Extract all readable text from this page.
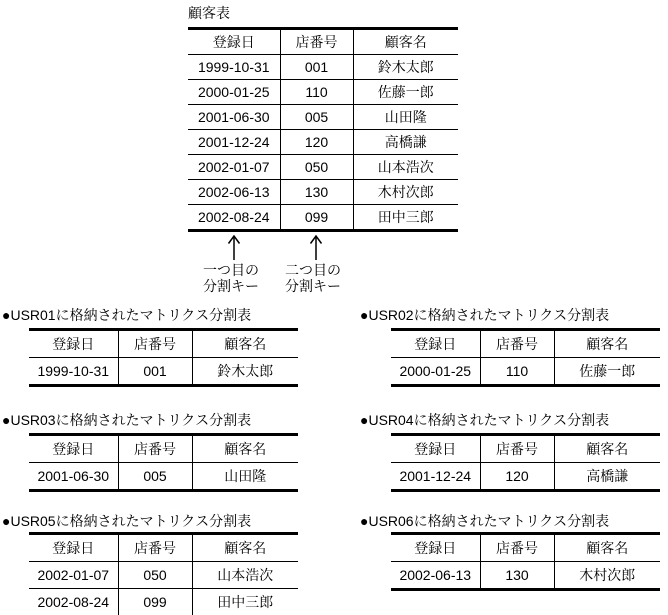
顧客表
登録日	店番号	顧客名
1999-10-31	001	鈴木太郎
2000-01-25	110	佐藤一郎
2001-06-30	005	山田隆
2001-12-24	120	高橋謙
2002-01-07	050	山本浩次
2002-06-13	130	木村次郎
2002-08-24	099	田中三郎
一つ目の
分割キー
二つ目の
分割キー
●USR01に格納されたマトリクス分割表
登録日	店番号	顧客名
1999-10-31	001	鈴木太郎
●USR02に格納されたマトリクス分割表
登録日	店番号	顧客名
2000-01-25	110	佐藤一郎
●USR03に格納されたマトリクス分割表
登録日	店番号	顧客名
2001-06-30	005	山田隆
●USR04に格納されたマトリクス分割表
登録日	店番号	顧客名
2001-12-24	120	高橋謙
●USR05に格納されたマトリクス分割表
登録日	店番号	顧客名
2002-01-07	050	山本浩次
2002-08-24	099	田中三郎
●USR06に格納されたマトリクス分割表
登録日	店番号	顧客名
2002-06-13	130	木村次郎
